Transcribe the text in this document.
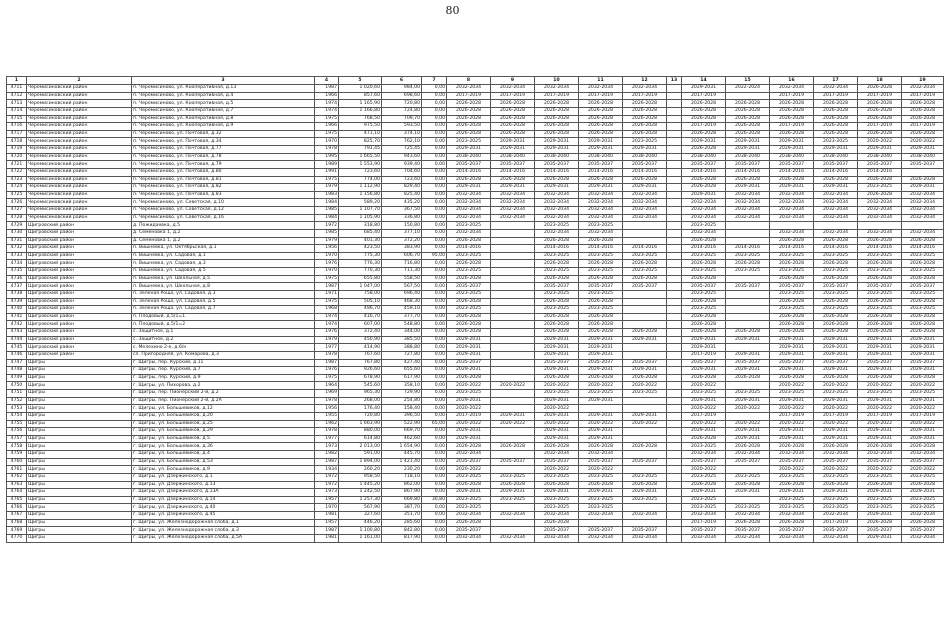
80
1	2	3	4	5	6	7	8	9	10	11	12	13	14	15	16	17	18	19
4711	Черемисиновский район	п. Черемисиново, ул. Кооперативная, д.13	1987	1 020,60	984,00	0,00	2032-2034	2032-2034	2032-2034	2032-2034	2032-2034		2029-2031	2022-2024	2032-2034	2032-2034	2026-2028	2032-2034
4712	Черемисиновский район	п. Черемисиново, ул. Кооперативная, д.4	1966	857,60	698,60	0,00	2017-2019	2017-2019	2017-2019	2017-2019	2017-2019		2017-2019		2017-2019	2017-2019	2017-2019	2017-2019
4713	Черемисиновский район	п. Черемисиново, ул. Кооперативная, д.5	1974	1 165,90	720,80	0,00	2026-2028	2026-2028	2026-2028	2026-2028	2026-2028		2026-2028	2026-2028	2026-2028	2026-2028	2026-2028	2026-2028
4714	Черемисиновский район	п. Черемисиново, ул. Кооперативная, д.7	1974	1 166,80	724,80	0,00	2026-2028	2026-2028	2026-2028	2026-2028	2026-2028		2026-2028	2026-2028	2026-2028	2026-2028	2026-2028	2026-2028
4715	Черемисиновский район	п. Черемисиново, ул. Кооперативная, д.8	1975	768,50	709,70	0,00	2026-2028	2026-2028	2026-2028	2026-2028	2026-2028		2026-2028	2026-2028	2026-2028	2026-2028	2026-2028	2026-2028
4716	Черемисиновский район	п. Черемисиново, ул. Кооперативная, д.9	1966	975,50	593,50	0,00	2026-2028	2026-2028	2026-2028	2026-2028	2026-2028		2017-2019	2026-2028	2017-2019	2026-2028	2017-2019	2017-2019
4717	Черемисиновский район	п. Черемисиново, ул. Почтовая, д.32	1975	471,10	374,10	0,00	2026-2028	2026-2028	2026-2028	2026-2028	2026-2028		2026-2028	2026-2028	2026-2028	2026-2028	2026-2028	2026-2028
4718	Черемисиновский район	п. Черемисиново, ул. Почтовая, д.34	1970	825,70	762,10	0,00	2023-2025	2029-2031	2029-2031	2029-2031	2023-2025		2029-2031	2029-2031	2029-2031	2023-2025	2020-2022	2020-2022
4719	Черемисиновский район	п. Черемисиново, ул. Почтовая, д.77	1978	791,45	725,45	0,00	2029-2031	2029-2031	2029-2031	2029-2031	2029-2031		2026-2028	2029-2031	2029-2031	2029-2031	2029-2031	2029-2031
4720	Черемисиновский район	п. Черемисиново, ул. Почтовая, д.78	1995	1 665,50	943,60	0,00	2038-2040	2038-2040	2038-2040	2038-2040	2038-2040		2038-2040	2038-2040	2038-2040	2038-2040	2038-2040	2038-2040
4721	Черемисиновский район	п. Черемисиново, ул. Почтовая, д.79	1989	1 553,90	939,40	0,00	2035-2037	2035-2037	2035-2037	2035-2037	2035-2037		2035-2037	2035-2037	2035-2037	2035-2037	2035-2037	2035-2037
4722	Черемисиновский район	п. Черемисиново, ул. Почтовая, д.80	1991	723,60	704,60	0,00	2014-2016	2014-2016	2014-2016	2014-2016	2014-2016		2014-2016	2014-2016	2014-2016	2014-2016	2014-2016	
4723	Черемисиновский район	п. Черемисиново, ул. Почтовая, д.81	1975	774,00	723,60	0,00	2026-2028	2026-2028	2026-2028	2026-2028	2026-2028		2026-2028	2026-2028	2026-2028	2026-2028	2026-2028	2026-2028
4724	Черемисиновский район	п. Черемисиново, ул. Почтовая, д.82	1979	1 112,90	829,40	0,00	2029-2031	2029-2031	2029-2031	2029-2031	2029-2031		2026-2028	2029-2031	2029-2031	2029-2031	2023-2025	2029-2031
4725	Черемисиновский район	п. Черемисиново, ул. Почтовая, д.83	1983	1 156,80	825,40	0,00	2032-2034	2032-2034	2032-2034	2032-2034	2032-2034		2029-2031	2032-2034	2032-2034	2032-2034	2026-2028	2032-2034
4726	Черемисиновский район	п. Черемисиново, ул. Советская, д.10	1984	589,20	435,20	0,00	2032-2034	2032-2034	2032-2034	2032-2034	2032-2034		2032-2034	2032-2034	2032-2034	2032-2034	2032-2034	2032-2034
4727	Черемисиновский район	п. Черемисиново, ул. Советская, д.12	1985	1 107,70	367,50	0,00	2032-2034	2032-2034	2032-2034	2032-2034	2032-2034		2032-2034	2032-2034	2032-2034	2032-2034	2032-2034	2032-2034
4728	Черемисиновский район	п. Черемисиново, ул. Советская, д.16	1984	1 105,90	336,80	0,00	2032-2034	2032-2034	2032-2034	2032-2034	2032-2034		2032-2034	2032-2034	2032-2034	2032-2034	2032-2034	2032-2034
4729	Щигровский район	д. Пожидаевка, д.5	1972	318,80	150,80	0,00	2023-2025		2023-2025	2023-2025			2023-2025					
4730	Щигровский район	д. Семеновка 1, д.2	1985	685,40	377,10	0,00	2032-2034		2032-2034	2032-2034			2032-2034		2032-2034	2032-2034	2032-2034	2032-2034
4731	Щигровский район	д. Семеновка 1, д.2	1979	401,30	372,20	0,00	2026-2028		2026-2028	2026-2028			2026-2028		2026-2028	2026-2028	2026-2028	2026-2028
4732	Щигровский район	п. Вишневка, ул. Октябрьская, д.1	1956	423,50	383,90	0,00	2014-2016		2014-2016	2014-2016	2014-2016		2014-2016	2014-2016	2014-2016	2014-2016	2014-2016	2014-2016
4733	Щигровский район	п. Вишневка, ул. Садовая, д.1	1970	775,30	606,70	95,00	2023-2025		2023-2025	2023-2025	2023-2025		2023-2025	2023-2025	2023-2025	2023-2025	2023-2025	2023-2025
4734	Щигровский район	п. Вишневка, ул. Садовая, д.3	1976	776,30	716,80	0,00	2026-2028		2026-2028	2026-2028	2026-2028		2026-2028	2026-2028	2026-2028	2026-2028	2026-2028	2026-2028
4735	Щигровский район	п. Вишневка, ул. Садовая, д.5	1970	770,30	711,30	0,00	2023-2025		2023-2025	2023-2025	2023-2025		2023-2025	2023-2025	2023-2025	2023-2025	2023-2025	2023-2025
4736	Щигровский район	п. Вишневка, ул. Школьная, д.5	1975	655,80	558,50	0,00	2026-2028		2026-2028	2026-2028	2026-2028		2026-2028		2026-2028	2026-2028	2026-2028	2026-2028
4737	Щигровский район	п. Вишневка, ул. Школьная, д.8	1987	1 047,00	567,50	0,00	2035-2037		2035-2037	2035-2037	2035-2037		2035-2037	2035-2037	2035-2037	2035-2037	2035-2037	2035-2037
4738	Щигровский район	п. Зеленая Роща, ул. Садовая, д.3	1971	758,00	696,40	0,00	2023-2025		2023-2025	2023-2025			2023-2025		2023-2025	2023-2025	2023-2025	2023-2025
4739	Щигровский район	п. Зеленая Роща, ул. Садовая, д.5	1975	505,10	468,30	0,00	2026-2028		2026-2028	2026-2028			2026-2028		2026-2028	2026-2028	2026-2028	2026-2028
4740	Щигровский район	п. Зеленая Роща, ул. Садовая, д.7	1968	496,70	459,10	0,00	2023-2025		2023-2025	2023-2025			2023-2025		2023-2025	2023-2025	2023-2025	2023-2025
4741	Щигровский район	п. Плодовый, д.5/1=1	1974	416,70	377,70	0,00	2026-2028		2026-2028	2026-2028			2026-2028		2026-2028	2026-2028	2026-2028	2026-2028
4742	Щигровский район	п. Плодовый, д.5/1=2	1974	607,00	548,80	0,00	2026-2028		2026-2028	2026-2028			2026-2028		2026-2028	2026-2028	2026-2028	2026-2028
4743	Щигровский район	с. Защитное, д.1	1976	372,40	344,00	0,00	2026-2028		2026-2028	2026-2028	2026-2028		2026-2028	2026-2028	2026-2028	2026-2028	2026-2028	2026-2028
4744	Щигровский район	с. Защитное, д.2	1979	450,90	385,50	0,00	2029-2031		2029-2031	2029-2031	2029-2031		2029-2031	2029-2031	2029-2031	2029-2031	2029-2031	2029-2031
4745	Щигровский район	с. Мелехино 2-е, д.6/н	1977	414,90	388,80	0,00	2029-2031		2029-2031	2029-2031			2029-2031		2029-2031	2029-2031	2029-2031	2029-2031
4746	Щигровский район	сл. Пригородняя, ул. Комарова, д.3	1978	767,60	727,80	0,00	2029-2031		2029-2031	2029-2031			2017-2019	2029-2031	2029-2031	2029-2031	2029-2031	2029-2031
4747	Щигры	г. Щигры, пер. Курский, д.11	1987	767,80	427,40	0,00	2035-2037		2035-2037	2035-2037	2035-2037		2035-2037	2035-2037	2035-2037	2035-2037	2035-2037	2035-2037
4748	Щигры	г. Щигры, пер. Курский, д.7	1976	926,60	655,60	0,00	2029-2031		2029-2031	2029-2031	2029-2031		2029-2031	2029-2031	2029-2031	2029-2031	2029-2031	2029-2031
4749	Щигры	г. Щигры, пер. Курский, д.9	1975	678,90	617,90	0,00	2026-2028		2026-2028	2026-2028	2026-2028		2026-2028	2026-2028	2026-2028	2026-2028	2026-2028	2026-2028
4750	Щигры	г. Щигры, ул. Пихорова, д.2	1964	545,60	358,10	0,00	2020-2022	2020-2022	2020-2022	2020-2022	2020-2022		2020-2022		2020-2022	2020-2022	2020-2022	2020-2022
4751	Щигры	г. Щигры, пер. Пионерский 2-й, д.2	1969	965,30	729,90	0,00	2023-2025		2023-2025	2023-2025	2023-2025		2023-2025	2023-2025	2023-2025	2023-2025	2023-2025	2023-2025
4752	Щигры	г. Щигры, пер. Пионерский 2-й, д.2А	1978	268,00	254,80	0,00	2029-2031		2029-2031	2029-2031			2029-2031	2029-2031	2029-2031	2029-2031	2029-2031	2029-2031
4753	Щигры	г. Щигры, ул. Большевиков, д.12	1956	176,40	158,40	0,00	2020-2022		2020-2022				2020-2022	2020-2022	2020-2022	2020-2022	2020-2022	2020-2022
4754	Щигры	г. Щигры, ул. Большевиков, д.20	1955	720,80	396,50	0,00	2017-2019	2029-2031	2029-2031	2029-2031	2029-2031		2017-2019		2017-2019	2017-2019	2017-2019	2017-2019
4755	Щигры	г. Щигры, ул. Большевиков, д.25	1962	1 663,90	522,90	65,00	2020-2022	2020-2022	2020-2022	2020-2022	2020-2022		2020-2022	2020-2022	2020-2022	2020-2022	2020-2022	2020-2022
4756	Щигры	г. Щигры, ул. Большевиков, д.29	1978	880,00	669,70	0,00	2029-2031		2029-2031	2029-2031			2029-2031	2029-2031	2029-2031	2029-2031	2029-2031	2029-2031
4757	Щигры	г. Щигры, ул. Большевиков, д.5	1977	614,80	462,60	0,00	2029-2031		2029-2031	2029-2031			2026-2028	2029-2031	2029-2031	2029-2031	2029-2031	2029-2031
4758	Щигры	г. Щигры, ул. Большевиков, д.36	1973	2 013,00	1 654,90	0,00	2026-2028	2026-2028	2026-2028	2026-2028	2026-2028		2023-2025	2026-2028	2026-2028	2026-2028	2026-2028	2026-2028
4759	Щигры	г. Щигры, ул. Большевиков, д.4	1982	591,00	445,70	0,00	2032-2034		2032-2034	2032-2034			2032-2034	2032-2034	2032-2034	2032-2034	2032-2034	2032-2034
4760	Щигры	г. Щигры, ул. Большевиков, д.53	1987	1 894,00	1 421,40	0,00	2035-2037	2035-2037	2035-2037	2035-2037	2035-2037		2035-2037	2035-2037	2035-2037	2035-2037	2035-2037	2035-2037
4761	Щигры	г. Щигры, ул. Большевиков, д.9	1934	260,20	230,20	0,00	2020-2022		2020-2022	2020-2022			2020-2022		2020-2022	2020-2022	2020-2022	2020-2022
4762	Щигры	г. Щигры, ул. Дзержинского, д.1	1972	958,50	718,10	0,00	2023-2025	2023-2025	2023-2025	2023-2025	2023-2025		2023-2025	2023-2025	2023-2025	2023-2025	2023-2025	2023-2025
4763	Щигры	г. Щигры, ул. Дзержинского, д.13	1972	1 445,20	862,00	0,00	2026-2028	2026-2028	2026-2028	2026-2028	2026-2028		2026-2028	2026-2028	2026-2028	2026-2028	2026-2028	2026-2028
4764	Щигры	г. Щигры, ул. Дзержинского, д.13А	1973	1 242,50	867,90	0,00	2029-2031	2029-2031	2029-2031	2029-2031	2029-2031		2029-2031	2029-2031	2029-2031	2029-2031	2029-2031	2029-2031
4765	Щигры	г. Щигры, ул. Дзержинского, д.14	1957	1 257,30	669,80	30,80	2023-2025	2023-2025	2023-2025	2023-2025	2023-2025		2023-2025		2023-2025	2023-2025	2023-2025	2023-2025
4766	Щигры	г. Щигры, ул. Дзержинского, д.40	1970	567,90	387,70	0,00	2023-2025		2023-2025	2023-2025			2023-2025	2023-2025	2023-2025	2023-2025	2023-2025	2023-2025
4767	Щигры	г. Щигры, ул. Дзержинского, д.45	1981	327,60	351,70	0,00	2032-2034	2032-2034	2032-2034	2032-2034	2032-2034		2032-2034	2032-2034	2032-2034	2032-2034	2029-2031	2032-2034
4768	Щигры	г. Щигры, ул. Железнодорожная слоба, д.1	1957	446,20	285,60	0,00	2026-2028		2026-2028				2017-2019	2026-2028	2026-2028	2017-2019	2026-2028	2026-2028
4769	Щигры	г. Щигры, ул. Железнодорожная слоба, д.3	1987	1 100,80	842,80	0,00	2035-2037		2035-2037	2035-2037	2035-2037		2035-2037	2035-2037	2035-2037	2035-2037	2035-2037	2035-2037
4770	Щигры	г. Щигры, ул. Железнодорожная слоба, д.5А	1981	1 161,00	817,90	0,00	2032-2034	2032-2034	2032-2034	2032-2034	2032-2034		2032-2034	2032-2034	2032-2034	2032-2034	2029-2031	2032-2034
